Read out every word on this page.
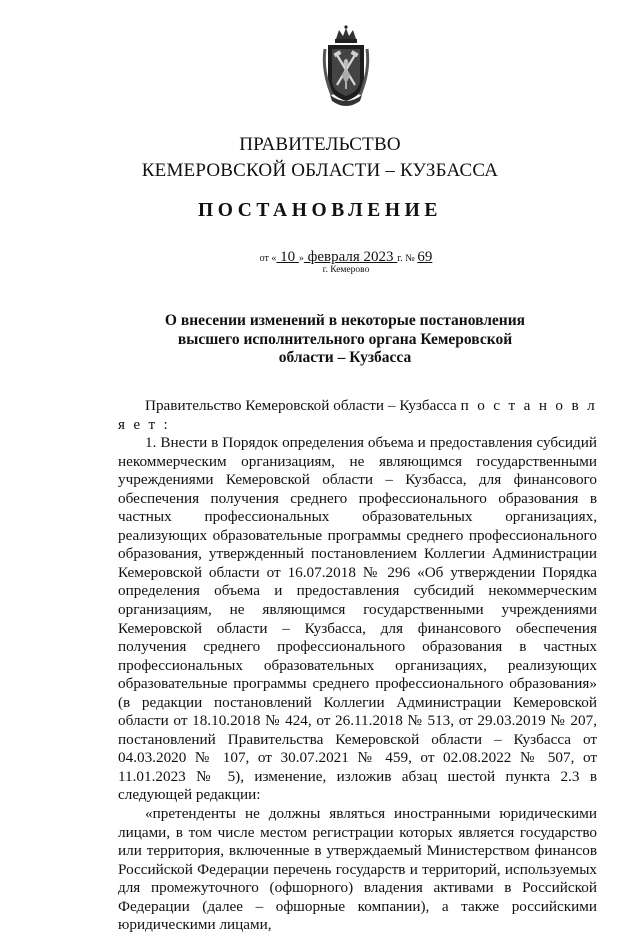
ПРАВИТЕЛЬСТВО
КЕМЕРОВСКОЙ ОБЛАСТИ – КУЗБАССА
ПОСТАНОВЛЕНИЕ
от « 10 » февраля 2023 г. № 69
г. Кемерово
О внесении изменений в некоторые постановления высшего исполнительного органа Кемеровской области – Кузбасса

Правительство Кемеровской области – Кузбасса п о с т а н о в л я е т :

1. Внести в Порядок определения объема и предоставления субсидий некоммерческим организациям, не являющимся государственными учреждениями Кемеровской области – Кузбасса, для финансового обеспечения получения среднего профессионального образования в частных профессиональных образовательных организациях, реализующих образовательные программы среднего профессионального образования, утвержденный постановлением Коллегии Администрации Кемеровской области от 16.07.2018 № 296 «Об утверждении Порядка определения объема и предоставления субсидий некоммерческим организациям, не являющимся государственными учреждениями Кемеровской области – Кузбасса, для финансового обеспечения получения среднего профессионального образования в частных профессиональных образовательных организациях, реализующих образовательные программы среднего профессионального образования» (в редакции постановлений Коллегии Администрации Кемеровской области от 18.10.2018 № 424, от 26.11.2018 № 513, от 29.03.2019 № 207, постановлений Правительства Кемеровской области – Кузбасса от 04.03.2020 № 107, от 30.07.2021 № 459, от 02.08.2022 № 507, от 11.01.2023 № 5), изменение, изложив абзац шестой пункта 2.3 в следующей редакции:

«претенденты не должны являться иностранными юридическими лицами, в том числе местом регистрации которых является государство или территория, включенные в утверждаемый Министерством финансов Российской Федерации перечень государств и территорий, используемых для промежуточного (офшорного) владения активами в Российской Федерации (далее – офшорные компании), а также российскими юридическими лицами,
